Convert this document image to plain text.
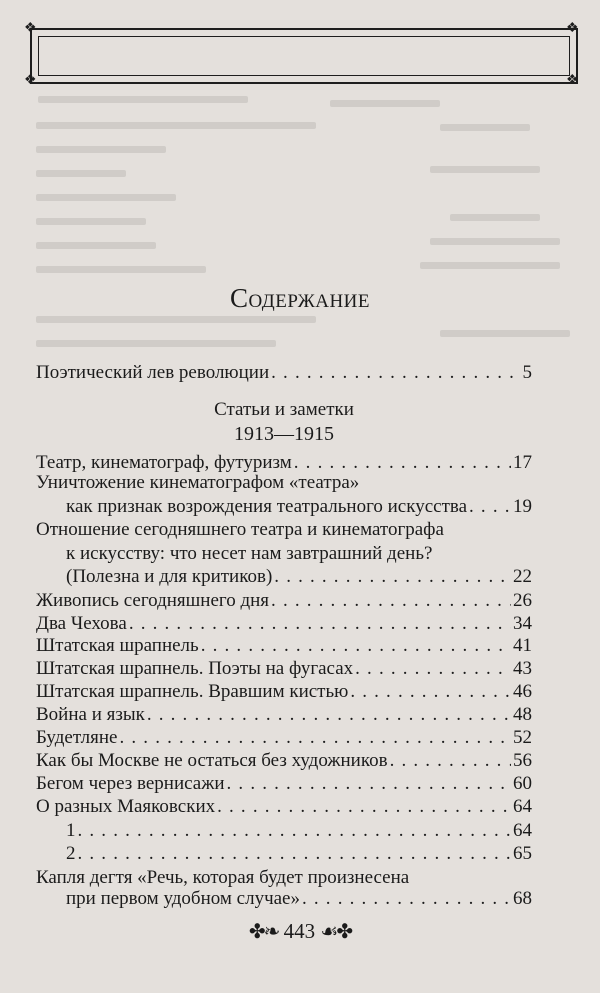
❖	❖
❖	❖
Содержание
Поэтический лев революции . . .	5
Статьи и заметки
1913—1915
Театр, кинематограф, футуризм . . .	17
Уничтожение кинематографом «театра»
как признак возрождения театрального искусства . . . 19
Отношение сегодняшнего театра и кинематографа
к искусству: что несет нам завтрашний день?
(Полезна и для критиков) . . .	22
Живопись сегодняшнего дня . . .	26
Два Чехова . . .	34
Штатская шрапнель . . .	41
Штатская шрапнель. Поэты на фугасах . . .	43
Штатская шрапнель. Вравшим кистью . . .	46
Война и язык . . .	48
Будетляне . . .	52
Как бы Москве не остаться без художников . . .	56
Бегом через вернисажи . . .	60
О разных Маяковских . . .	64
1 . . .	64
2 . . .	65
Капля дегтя «Речь, которая будет произнесена
при первом удобном случае» . . .	68
✤❧ 443 ☙✤
